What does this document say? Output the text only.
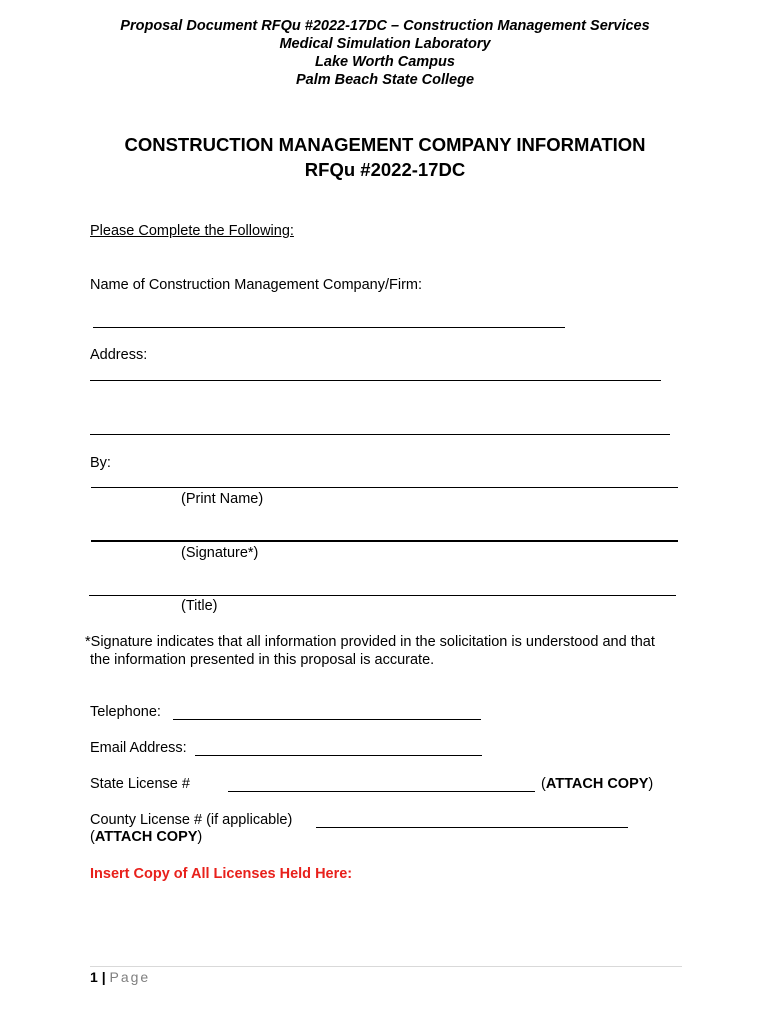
Proposal Document RFQu #2022-17DC – Construction Management Services
Medical Simulation Laboratory
Lake Worth Campus
Palm Beach State College
CONSTRUCTION MANAGEMENT COMPANY INFORMATION
RFQu #2022-17DC
Please Complete the Following:
Name of Construction Management Company/Firm:
Address:
By:
(Print Name)
(Signature*)
(Title)
*Signature indicates that all information provided in the solicitation is understood and that
the information presented in this proposal is accurate.
Telephone:
Email Address:
State License #	(ATTACH COPY)
County License # (if applicable)
(ATTACH COPY)
Insert Copy of All Licenses Held Here:
1 | Page
